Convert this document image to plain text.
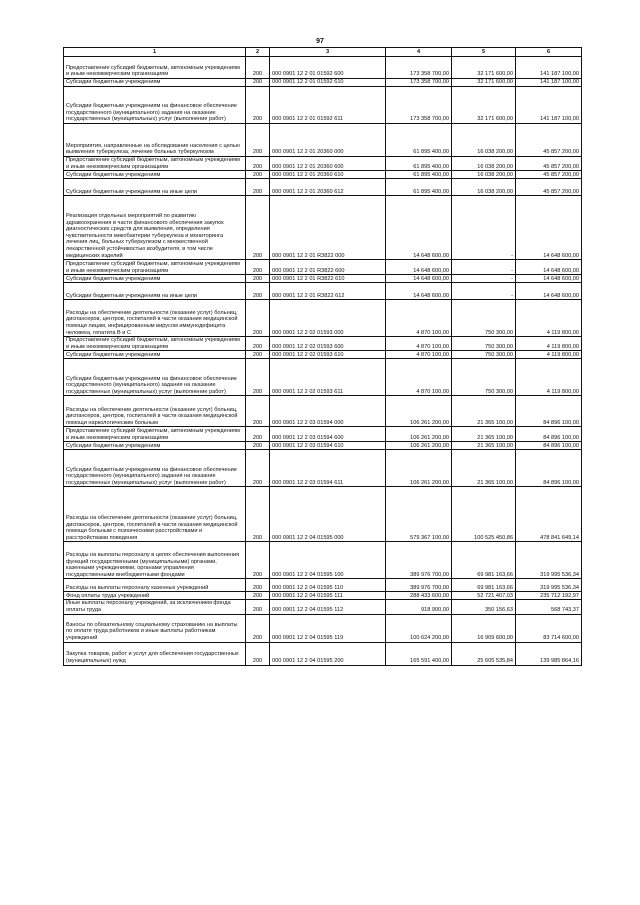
97
1	2	3	4	5	6
Предоставление субсидий бюджетным, автономным учреждениям и иным некоммерческим организациям	200	000 0901 12 2 01 01592 600	173 358 700,00	32 171 600,00	141 187 100,00
Субсидии бюджетным учреждениям	200	000 0901 12 2 01 01592 610	173 358 700,00	32 171 600,00	141 187 100,00
Субсидии бюджетным учреждениям на финансовое обеспечение государственного (муниципального) задания на оказание государственных (муниципальных) услуг (выполнение работ)	200	000 0901 12 2 01 01592 611	173 358 700,00	32 171 600,00	141 187 100,00
Мероприятия, направленные на обследование населения с целью выявления туберкулеза, лечение больных туберкулезом	200	000 0901 12 2 01 20360 000	61 895 400,00	16 038 200,00	45 857 200,00
Предоставление субсидий бюджетным, автономным учреждениям и иным некоммерческим организациям	200	000 0901 12 2 01 20360 600	61 895 400,00	16 038 200,00	45 857 200,00
Субсидии бюджетным учреждениям	200	000 0901 12 2 01 20360 610	61 895 400,00	16 038 200,00	45 857 200,00
Субсидии бюджетным учреждениям на иные цели	200	000 0901 12 2 01 20360 612	61 895 400,00	16 038 200,00	45 857 200,00
Реализация отдельных мероприятий по развитию здравоохранения в части финансового обеспечения закупок диагностических средств для выявления, определения чувствительности микобактерии туберкулеза и мониторинга лечения лиц, больных туберкулезом с множественной лекарственной устойчивостью возбудителя, в том числе медицинских изделий	200	000 0901 12 2 01 R3822 000	14 648 600,00	-	14 648 600,00
Предоставление субсидий бюджетным, автономным учреждениям и иным некоммерческим организациям	200	000 0901 12 2 01 R3822 600	14 648 600,00	-	14 648 600,00
Субсидии бюджетным учреждениям	200	000 0901 12 2 01 R3822 610	14 648 600,00	-	14 648 600,00
Субсидии бюджетным учреждениям на иные цели	200	000 0901 12 2 01 R3822 612	14 648 600,00	-	14 648 600,00
Расходы на обеспечение деятельности (оказание услуг) больниц, диспансеров, центров, госпиталей в части оказания медицинской помощи лицам, инфицированным вирусом иммунодефицита человека, гепатита В и С	200	000 0901 12 2 02 01593 000	4 870 100,00	750 300,00	4 119 800,00
Предоставление субсидий бюджетным, автономным учреждениям и иным некоммерческим организациям	200	000 0901 12 2 02 01593 600	4 870 100,00	750 300,00	4 119 800,00
Субсидии бюджетным учреждениям	200	000 0901 12 2 02 01593 610	4 870 100,00	750 300,00	4 119 800,00
Субсидии бюджетным учреждениям на финансовое обеспечение государственного (муниципального) задания на оказание государственных (муниципальных) услуг (выполнение работ)	200	000 0901 12 2 02 01593 611	4 870 100,00	750 300,00	4 119 800,00
Расходы на обеспечение деятельности (оказание услуг) больниц, диспансеров, центров, госпиталей в части оказания медицинской помощи наркологическим больным	200	000 0901 12 2 03 01594 000	106 261 200,00	21 365 100,00	84 896 100,00
Предоставление субсидий бюджетным, автономным учреждениям и иным некоммерческим организациям	200	000 0901 12 2 03 01594 600	106 261 200,00	21 365 100,00	84 896 100,00
Субсидии бюджетным учреждениям	200	000 0901 12 2 03 01594 610	106 261 200,00	21 365 100,00	84 896 100,00
Субсидии бюджетным учреждениям на финансовое обеспечение государственного (муниципального) задания на оказание государственных (муниципальных) услуг (выполнение работ)	200	000 0901 12 2 03 01594 611	106 261 200,00	21 365 100,00	84 896 100,00
Расходы на обеспечение деятельности (оказание услуг) больниц, диспансеров, центров, госпиталей в части оказания медицинской помощи больным с психическими расстройствами и расстройствами поведения	200	000 0901 12 2 04 01595 000	579 367 100,00	100 525 450,86	478 841 649,14
Расходы на выплаты персоналу в целях обеспечения выполнения функций государственными (муниципальными) органами, казенными учреждениями, органами управления государственными внебюджетными фондами	200	000 0901 12 2 04 01595 100	389 976 700,00	69 981 163,66	319 995 536,34
Расходы на выплаты персоналу казенных учреждений	200	000 0901 12 2 04 01595 110	389 976 700,00	69 981 163,66	319 995 536,34
Фонд оплаты труда учреждений	200	000 0901 12 2 04 01595 111	288 433 600,00	52 721 407,03	235 712 192,97
Иные выплаты персоналу учреждений, за исключением фонда оплаты труда	200	000 0901 12 2 04 01595 112	918 900,00	350 156,63	568 743,37
Взносы по обязательному социальному страхованию на выплаты по оплате труда работников и иные выплаты работникам учреждений	200	000 0901 12 2 04 01595 119	100 624 200,00	16 909 600,00	83 714 600,00
Закупка товаров, работ и услуг для обеспечения государственных (муниципальных) нужд	200	000 0901 12 2 04 01595 200	165 591 400,00	25 605 535,84	139 985 864,16
